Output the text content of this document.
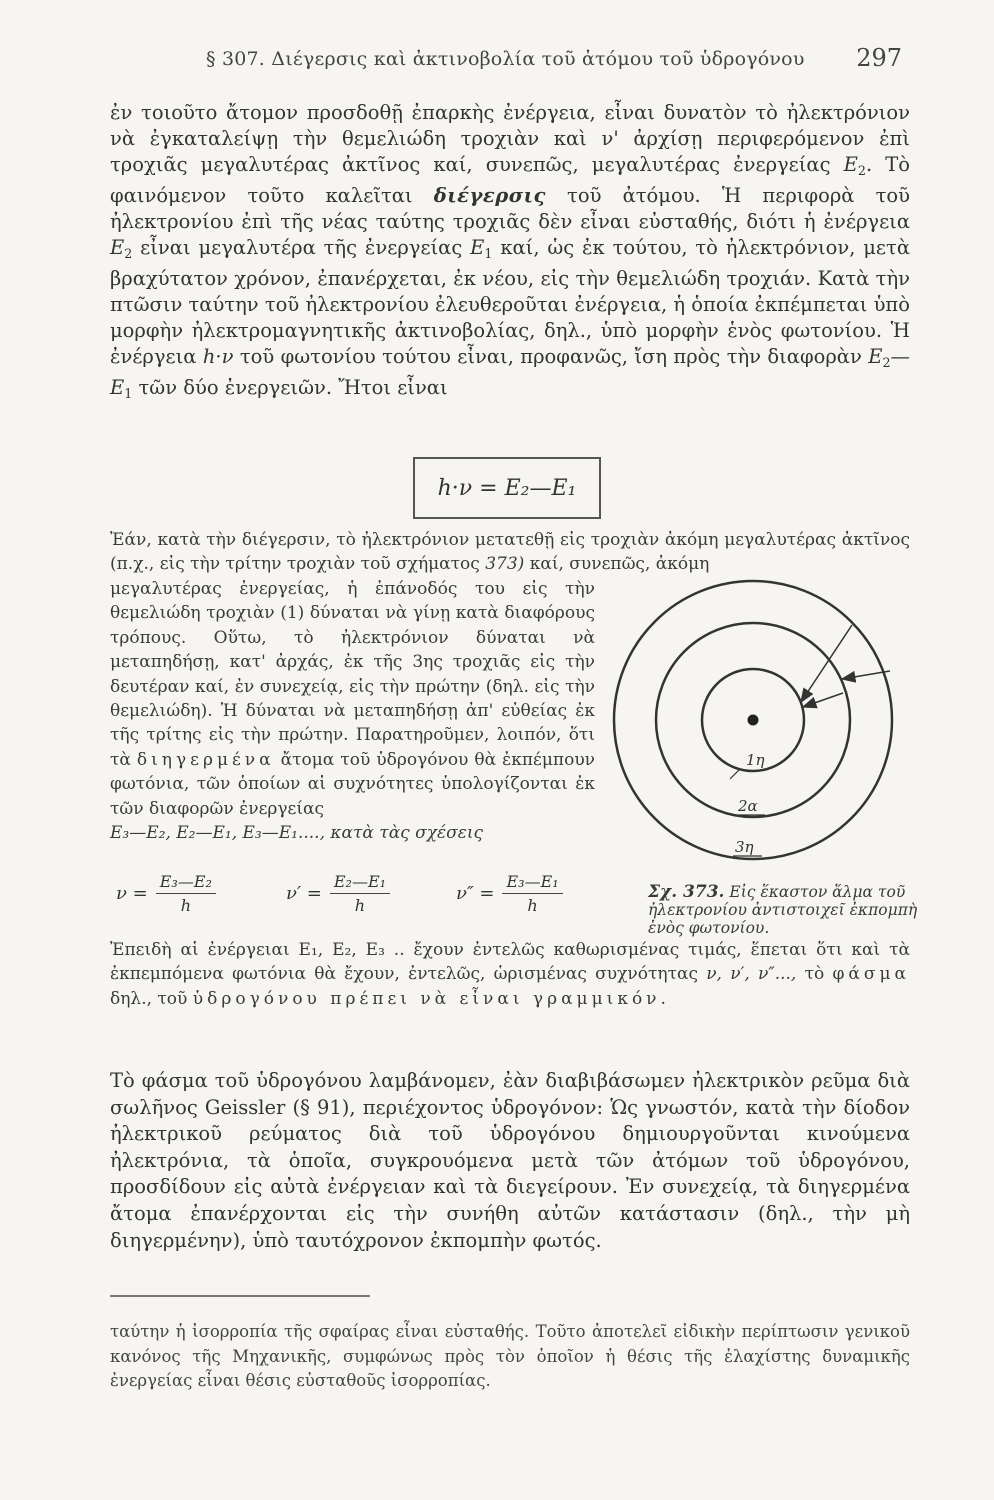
§ 307. Διέγερσις καὶ ἀκτινοβολία τοῦ ἀτόμου τοῦ ὑδρογόνου 297
ἐν τοιοῦτο ἄτομον προσδοθῇ ἐπαρκὴς ἐνέργεια, εἶναι δυνατὸν τὸ ἠλεκτρόνιον νὰ ἐγκαταλείψῃ τὴν θεμελιώδη τροχιὰν καὶ ν' ἀρχίσῃ περιφερόμενον ἐπὶ τροχιᾶς μεγαλυτέρας ἀκτῖνος καί, συνεπῶς, μεγαλυτέρας ἐνεργείας $E_2$. Τὸ φαινόμενον τοῦτο καλεῖται διέγερσις τοῦ ἀτόμου. Ἡ περιφορὰ τοῦ ἠλεκτρονίου ἐπὶ τῆς νέας ταύτης τροχιᾶς δὲν εἶναι εὐσταθής, διότι ἡ ἐνέργεια $E_2$ εἶναι μεγαλυτέρα τῆς ἐνεργείας $E_1$ καί, ὡς ἐκ τούτου, τὸ ἠλεκτρόνιον, μετὰ βραχύτατον χρόνον, ἐπανέρχεται, ἐκ νέου, εἰς τὴν θεμελιώδη τροχιάν. Κατὰ τὴν πτῶσιν ταύτην τοῦ ἠλεκτρονίου ἐλευθεροῦται ἐνέργεια, ἡ ὁποία ἐκπέμπεται ὑπὸ μορφὴν ἠλεκτρομαγνητικῆς ἀκτινοβολίας, δηλ., ὑπὸ μορφὴν ἑνὸς φωτονίου. Ἡ ἐνέργεια h·ν τοῦ φωτονίου τούτου εἶναι, προφανῶς, ἴση πρὸς τὴν διαφορὰν $E_2—E_1$ τῶν δύο ἐνεργειῶν. Ἤτοι εἶναι
h·ν = E₂—E₁
Ἐάν, κατὰ τὴν διέγερσιν, τὸ ἠλεκτρόνιον μετατεθῇ εἰς τροχιὰν ἀκόμη μεγαλυτέρας ἀκτῖνος (π.χ., εἰς τὴν τρίτην τροχιὰν τοῦ σχήματος 373) καί, συνεπῶς, ἀκόμη
μεγαλυτέρας ἐνεργείας, ἡ ἐπάνοδός του εἰς τὴν θεμελιώδη τροχιὰν (1) δύναται νὰ γίνῃ κατὰ διαφόρους τρόπους. Οὕτω, τὸ ἠλεκτρόνιον δύναται νὰ μεταπηδήσῃ, κατ' ἀρχάς, ἐκ τῆς 3ης τροχιᾶς εἰς τὴν δευτέραν καί, ἐν συνεχείᾳ, εἰς τὴν πρώτην (δηλ. εἰς τὴν θεμελιώδη). Ἡ δύναται νὰ μεταπηδήσῃ ἀπ' εὐθείας ἐκ τῆς τρίτης εἰς τὴν πρώτην. Παρατηροῦμεν, λοιπόν, ὅτι τὰ διηγερμένα ἄτομα τοῦ ὑδρογόνου θὰ ἐκπέμπουν φωτόνια, τῶν ὁποίων αἱ συχνότητες ὑπολογίζονται ἐκ τῶν διαφορῶν ἐνεργείας
E₃—E₂, E₂—E₁, E₃—E₁...., κατὰ τὰς σχέσεις
$\nu = \frac{\text{E₃—E₂}}{h}$	$\nu' = \frac{\text{E₂—E₁}}{h}$	$\nu'' = \frac{\text{E₃—E₁}}{h}$
1η
2α
3η
Σχ. 373. Εἰς ἕκαστον ἅλμα τοῦ ἠλεκτρονίου ἀντιστοιχεῖ ἐκπομπὴ ἑνὸς φωτονίου.
Ἐπειδὴ αἱ ἐνέργειαι E₁, E₂, E₃ .. ἔχουν ἐντελῶς καθωρισμένας τιμάς, ἕπεται ὅτι καὶ τὰ ἐκπεμπόμενα φωτόνια θὰ ἔχουν, ἐντελῶς, ὡρισμένας συχνότητας ν, ν′, ν″..., τὸ φάσμα δηλ., τοῦ ὑδρογόνου πρέπει νὰ εἶναι γραμμικόν.
Τὸ φάσμα τοῦ ὑδρογόνου λαμβάνομεν, ἐὰν διαβιβάσωμεν ἠλεκτρικὸν ρεῦμα διὰ σωλῆνος Geissler (§ 91), περιέχοντος ὑδρογόνον: Ὡς γνωστόν, κατὰ τὴν δίοδον ἠλεκτρικοῦ ρεύματος διὰ τοῦ ὑδρογόνου δημιουργοῦνται κινούμενα ἠλεκτρόνια, τὰ ὁποῖα, συγκρουόμενα μετὰ τῶν ἀτόμων τοῦ ὑδρογόνου, προσδίδουν εἰς αὐτὰ ἐνέργειαν καὶ τὰ διεγείρουν. Ἐν συνεχείᾳ, τὰ διηγερμένα ἄτομα ἐπανέρχονται εἰς τὴν συνήθη αὐτῶν κατάστασιν (δηλ., τὴν μὴ διηγερμένην), ὑπὸ ταυτόχρονον ἐκπομπὴν φωτός.
ταύτην ἡ ἰσορροπία τῆς σφαίρας εἶναι εὐσταθής. Τοῦτο ἀποτελεῖ εἰδικὴν περίπτωσιν γενικοῦ κανόνος τῆς Μηχανικῆς, συμφώνως πρὸς τὸν ὁποῖον ἡ θέσις τῆς ἐλαχίστης δυναμικῆς ἐνεργείας εἶναι θέσις εὐσταθοῦς ἰσορροπίας.
